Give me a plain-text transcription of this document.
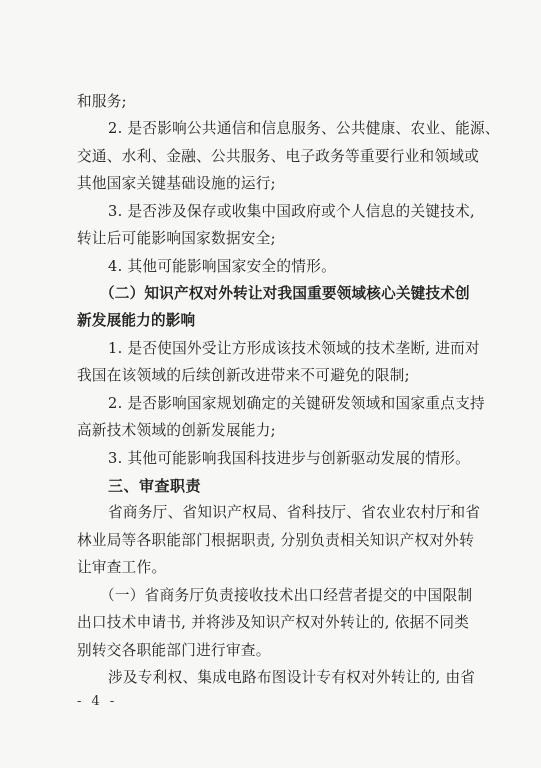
和服务;
2. 是否影响公共通信和信息服务、公共健康、农业、能源、
交通、水利、金融、公共服务、电子政务等重要行业和领域或
其他国家关键基础设施的运行;
3. 是否涉及保存或收集中国政府或个人信息的关键技术,
转让后可能影响国家数据安全;
4. 其他可能影响国家安全的情形。
（二）知识产权对外转让对我国重要领域核心关键技术创
新发展能力的影响
1. 是否使国外受让方形成该技术领域的技术垄断, 进而对
我国在该领域的后续创新改进带来不可避免的限制;
2. 是否影响国家规划确定的关键研发领域和国家重点支持
高新技术领域的创新发展能力;
3. 其他可能影响我国科技进步与创新驱动发展的情形。
三、审查职责
省商务厅、省知识产权局、省科技厅、省农业农村厅和省
林业局等各职能部门根据职责, 分别负责相关知识产权对外转
让审查工作。
（一）省商务厅负责接收技术出口经营者提交的中国限制
出口技术申请书, 并将涉及知识产权对外转让的, 依据不同类
别转交各职能部门进行审查。
涉及专利权、集成电路布图设计专有权对外转让的, 由省
- 4 -
